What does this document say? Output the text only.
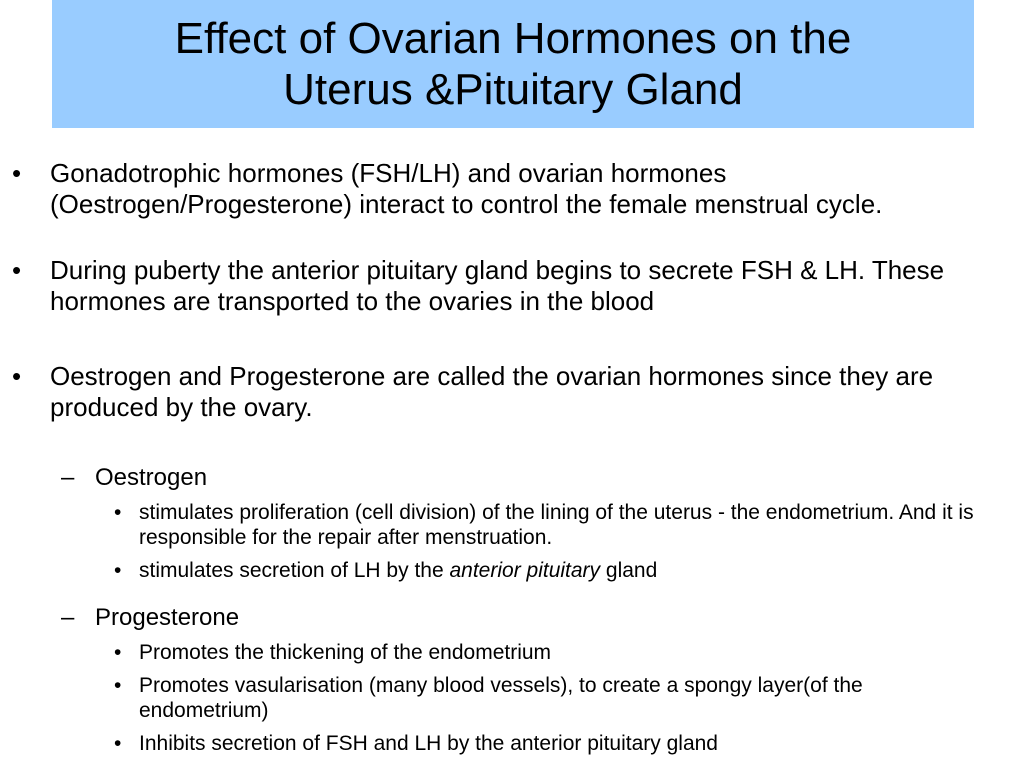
Effect of Ovarian Hormones on the
Uterus &Pituitary Gland
• Gonadotrophic hormones (FSH/LH) and ovarian hormones (Oestrogen/Progesterone) interact to control the female menstrual cycle.
• During puberty the anterior pituitary gland begins to secrete FSH & LH. These hormones are transported to the ovaries in the blood
• Oestrogen and Progesterone are called the ovarian hormones since they are produced by the ovary.
– Oestrogen
• stimulates proliferation (cell division) of the lining of the uterus - the endometrium. And it is responsible for the repair after menstruation.
• stimulates secretion of LH by the anterior pituitary gland
– Progesterone
• Promotes the thickening of the endometrium
• Promotes vasularisation (many blood vessels), to create a spongy layer(of the endometrium)
• Inhibits secretion of FSH and LH by the anterior pituitary gland
